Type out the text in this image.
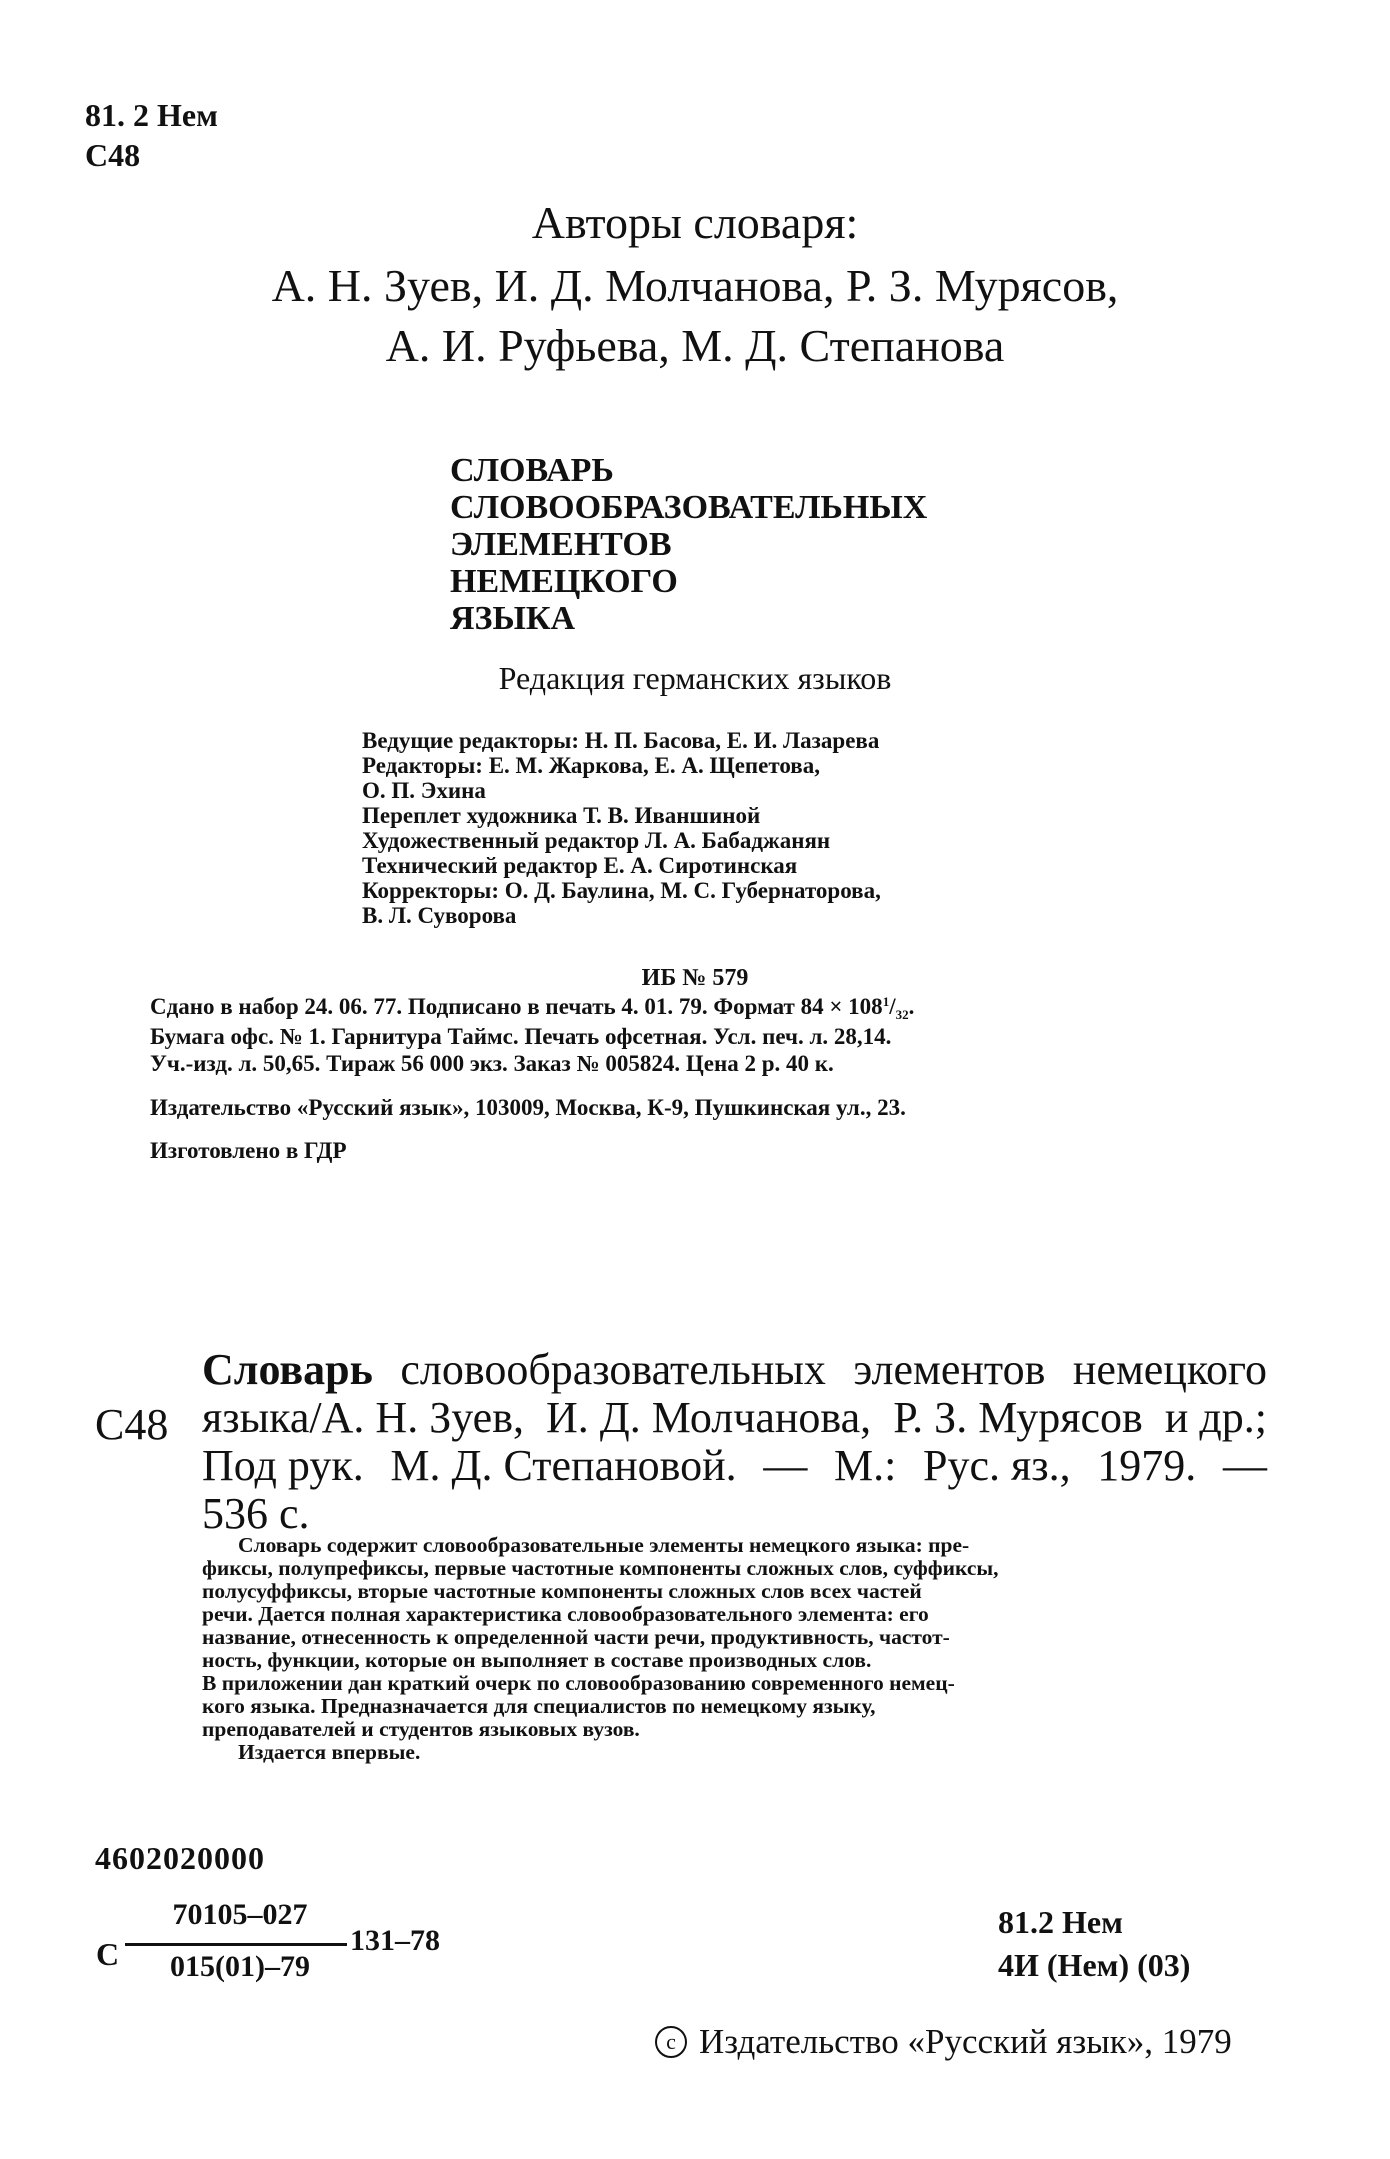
81. 2 Нем
С48
Авторы словаря:
А. Н. Зуев, И. Д. Молчанова, Р. З. Мурясов,
А. И. Руфьева, М. Д. Степанова
СЛОВАРЬ
СЛОВООБРАЗОВАТЕЛЬНЫХ
ЭЛЕМЕНТОВ
НЕМЕЦКОГО
ЯЗЫКА
Редакция германских языков
Ведущие редакторы: Н. П. Басова, Е. И. Лазарева
Редакторы: Е. М. Жаркова, Е. А. Щепетова,
О. П. Эхина
Переплет художника Т. В. Иваншиной
Художественный редактор Л. А. Бабаджанян
Технический редактор Е. А. Сиротинская
Корректоры: О. Д. Баулина, М. С. Губернаторова,
В. Л. Суворова
ИБ № 579
Сдано в набор 24. 06. 77. Подписано в печать 4. 01. 79. Формат $84 \times 108^1/_{32}$.
Бумага офс. № 1. Гарнитура Таймс. Печать офсетная. Усл. печ. л. 28,14.
Уч.-изд. л. 50,65. Тираж 56 000 экз. Заказ № 005824. Цена 2 р. 40 к.
Издательство «Русский язык», 103009, Москва, К-9, Пушкинская ул., 23.
Изготовлено в ГДР
С48
Словарь словообразовательных элементов немецкого
языка/А. Н. Зуев, И. Д. Молчанова, Р. З. Мурясов и др.;
Под рук. М. Д. Степановой. — М.: Рус. яз., 1979. —
536 с.
Словарь содержит словообразовательные элементы немецкого языка: пре-
фиксы, полупрефиксы, первые частотные компоненты сложных слов, суффиксы,
полусуффиксы, вторые частотные компоненты сложных слов всех частей
речи. Дается полная характеристика словообразовательного элемента: его
название, отнесенность к определенной части речи, продуктивность, частот-
ность, функции, которые он выполняет в составе производных слов.
В приложении дан краткий очерк по словообразованию современного немец-
кого языка. Предназначается для специалистов по немецкому языку,
преподавателей и студентов языковых вузов.
Издается впервые.
4602020000
С
70105–027
015(01)–79
131–78
81.2 Нем
4И (Нем) (03)
c Издательство «Русский язык», 1979
